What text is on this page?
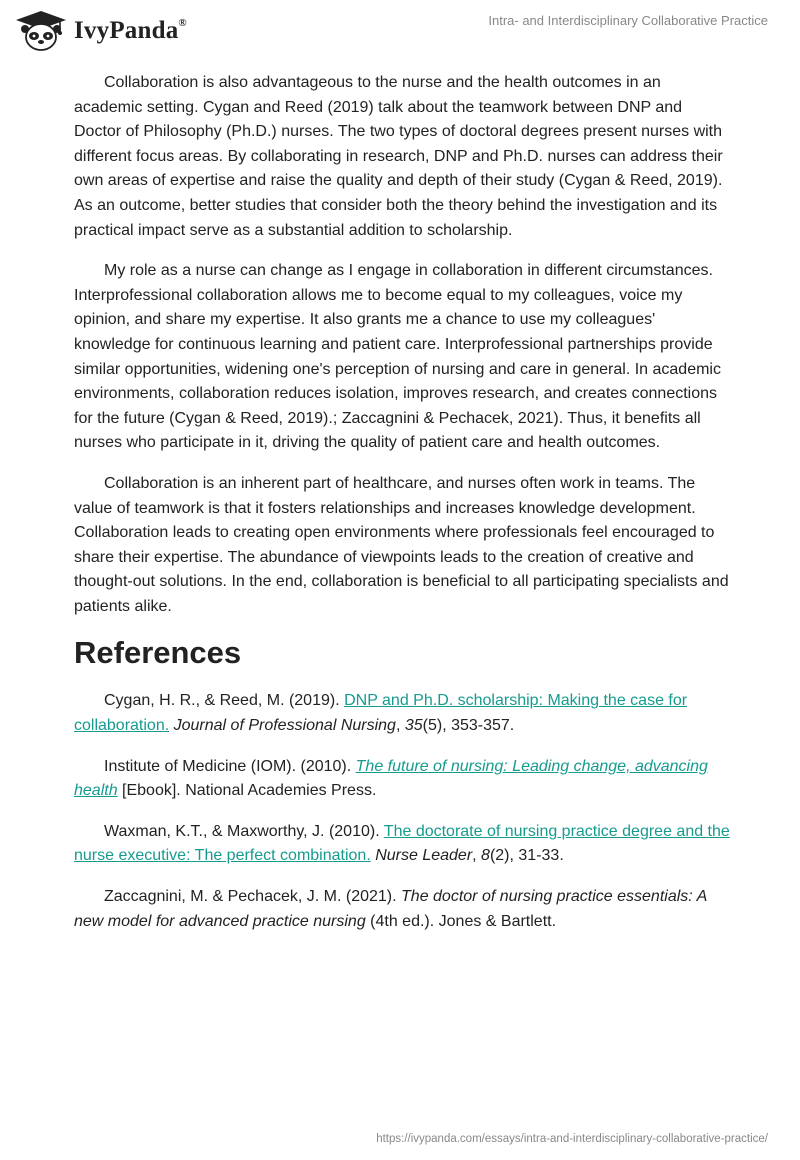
IvyPanda®	Intra- and Interdisciplinary Collaborative Practice

Collaboration is also advantageous to the nurse and the health outcomes in an academic setting. Cygan and Reed (2019) talk about the teamwork between DNP and Doctor of Philosophy (Ph.D.) nurses. The two types of doctoral degrees present nurses with different focus areas. By collaborating in research, DNP and Ph.D. nurses can address their own areas of expertise and raise the quality and depth of their study (Cygan & Reed, 2019). As an outcome, better studies that consider both the theory behind the investigation and its practical impact serve as a substantial addition to scholarship.

My role as a nurse can change as I engage in collaboration in different circumstances. Interprofessional collaboration allows me to become equal to my colleagues, voice my opinion, and share my expertise. It also grants me a chance to use my colleagues' knowledge for continuous learning and patient care. Interprofessional partnerships provide similar opportunities, widening one's perception of nursing and care in general. In academic environments, collaboration reduces isolation, improves research, and creates connections for the future (Cygan & Reed, 2019).; Zaccagnini & Pechacek, 2021). Thus, it benefits all nurses who participate in it, driving the quality of patient care and health outcomes.

Collaboration is an inherent part of healthcare, and nurses often work in teams. The value of teamwork is that it fosters relationships and increases knowledge development. Collaboration leads to creating open environments where professionals feel encouraged to share their expertise. The abundance of viewpoints leads to the creation of creative and thought-out solutions. In the end, collaboration is beneficial to all participating specialists and patients alike.

References
Cygan, H. R., & Reed, M. (2019). DNP and Ph.D. scholarship: Making the case for collaboration. Journal of Professional Nursing, 35(5), 353-357.
Institute of Medicine (IOM). (2010). The future of nursing: Leading change, advancing health [Ebook]. National Academies Press.
Waxman, K.T., & Maxworthy, J. (2010). The doctorate of nursing practice degree and the nurse executive: The perfect combination. Nurse Leader, 8(2), 31-33.
Zaccagnini, M. & Pechacek, J. M. (2021). The doctor of nursing practice essentials: A new model for advanced practice nursing (4th ed.). Jones & Bartlett.
https://ivypanda.com/essays/intra-and-interdisciplinary-collaborative-practice/
